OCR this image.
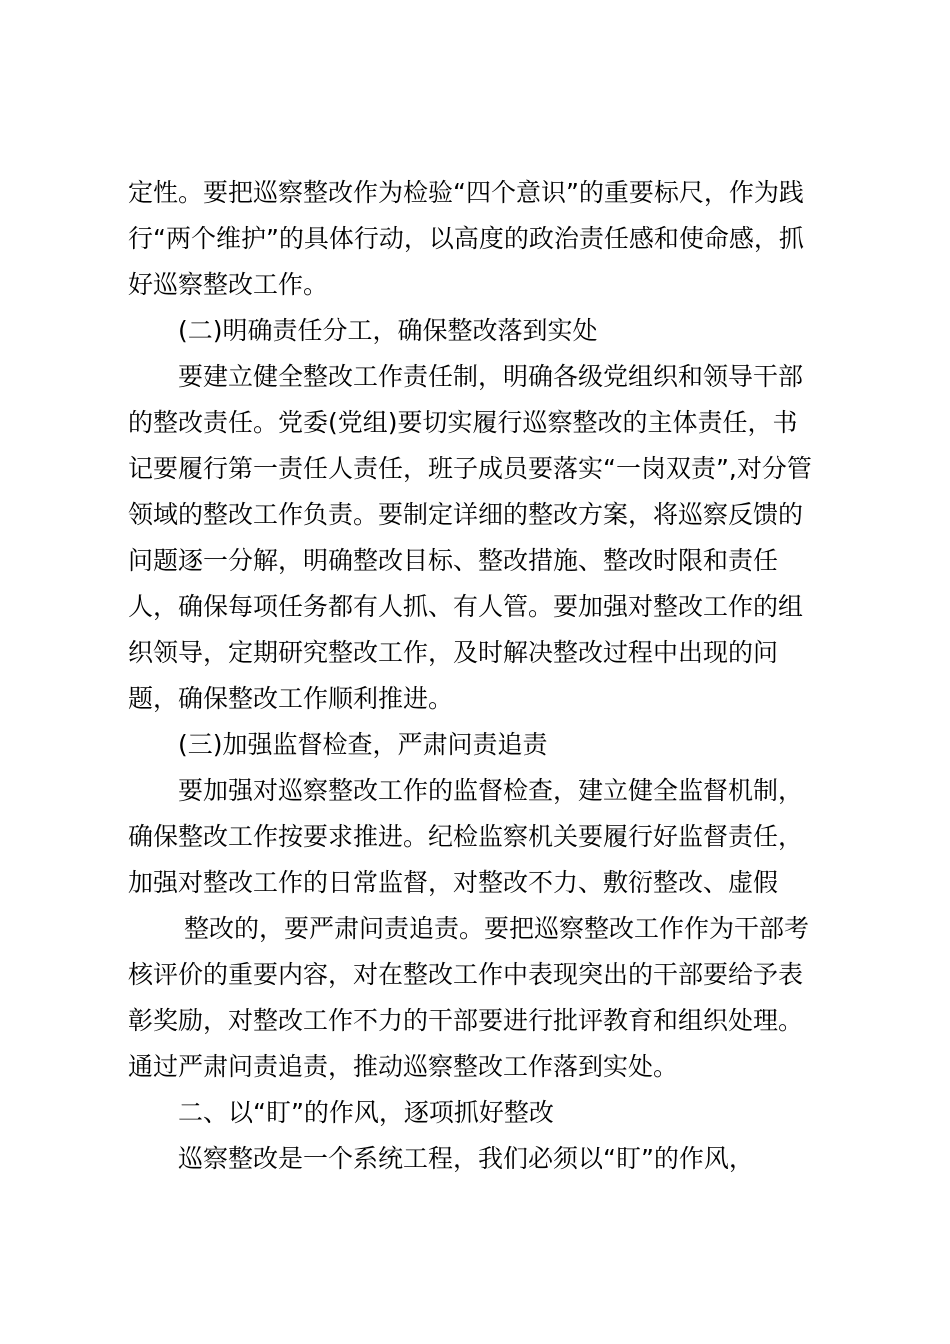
定性。要把巡察整改作为检验“四个意识”的重要标尺，作为践
行“两个维护”的具体行动，以高度的政治责任感和使命感，抓
好巡察整改工作。
(二)明确责任分工，确保整改落到实处
要建立健全整改工作责任制，明确各级党组织和领导干部
的整改责任。党委(党组)要切实履行巡察整改的主体责任，书
记要履行第一责任人责任，班子成员要落实“一岗双责”,对分管
领域的整改工作负责。要制定详细的整改方案，将巡察反馈的
问题逐一分解，明确整改目标、整改措施、整改时限和责任
人，确保每项任务都有人抓、有人管。要加强对整改工作的组
织领导，定期研究整改工作，及时解决整改过程中出现的问
题，确保整改工作顺利推进。
(三)加强监督检查，严肃问责追责
要加强对巡察整改工作的监督检查，建立健全监督机制，
确保整改工作按要求推进。纪检监察机关要履行好监督责任，
加强对整改工作的日常监督，对整改不力、敷衍整改、虚假
整改的，要严肃问责追责。要把巡察整改工作作为干部考
核评价的重要内容，对在整改工作中表现突出的干部要给予表
彰奖励，对整改工作不力的干部要进行批评教育和组织处理。
通过严肃问责追责，推动巡察整改工作落到实处。
二、以“盯”的作风，逐项抓好整改
巡察整改是一个系统工程，我们必须以“盯”的作风，
